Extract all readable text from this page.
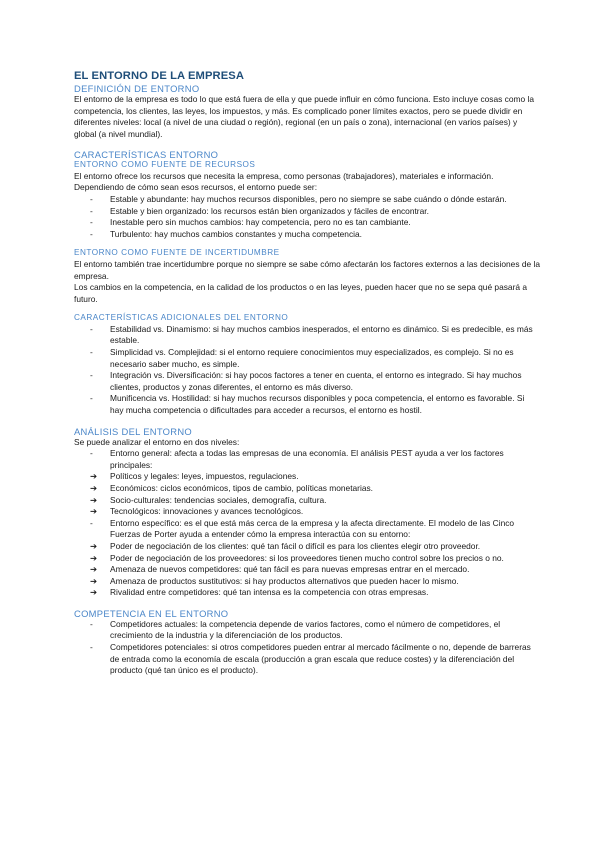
EL ENTORNO DE LA EMPRESA
DEFINICIÓN DE ENTORNO

El entorno de la empresa es todo lo que está fuera de ella y que puede influir en cómo funciona. Esto incluye cosas como la competencia, los clientes, las leyes, los impuestos, y más. Es complicado poner límites exactos, pero se puede dividir en diferentes niveles: local (a nivel de una ciudad o región), regional (en un país o zona), internacional (en varios países) y global (a nivel mundial).

CARACTERÍSTICAS ENTORNO
ENTORNO COMO FUENTE DE RECURSOS

El entorno ofrece los recursos que necesita la empresa, como personas (trabajadores), materiales e información. Dependiendo de cómo sean esos recursos, el entorno puede ser:

-	Estable y abundante: hay muchos recursos disponibles, pero no siempre se sabe cuándo o dónde estarán.
-	Estable y bien organizado: los recursos están bien organizados y fáciles de encontrar.
-	Inestable pero sin muchos cambios: hay competencia, pero no es tan cambiante.
-	Turbulento: hay muchos cambios constantes y mucha competencia.
ENTORNO COMO FUENTE DE INCERTIDUMBRE

El entorno también trae incertidumbre porque no siempre se sabe cómo afectarán los factores externos a las decisiones de la empresa.

Los cambios en la competencia, en la calidad de los productos o en las leyes, pueden hacer que no se sepa qué pasará a futuro.

CARACTERÍSTICAS ADICIONALES DEL ENTORNO
-	Estabilidad vs. Dinamismo: si hay muchos cambios inesperados, el entorno es dinámico. Si es predecible, es más estable.
-	Simplicidad vs. Complejidad: si el entorno requiere conocimientos muy especializados, es complejo. Si no es necesario saber mucho, es simple.
-	Integración vs. Diversificación: si hay pocos factores a tener en cuenta, el entorno es integrado. Si hay muchos clientes, productos y zonas diferentes, el entorno es más diverso.
-	Munificencia vs. Hostilidad: si hay muchos recursos disponibles y poca competencia, el entorno es favorable. Si hay mucha competencia o dificultades para acceder a recursos, el entorno es hostil.
ANÁLISIS DEL ENTORNO

Se puede analizar el entorno en dos niveles:

-	Entorno general: afecta a todas las empresas de una economía. El análisis PEST ayuda a ver los factores principales:
➔	Políticos y legales: leyes, impuestos, regulaciones.
➔	Económicos: ciclos económicos, tipos de cambio, políticas monetarias.
➔	Socio-culturales: tendencias sociales, demografía, cultura.
➔	Tecnológicos: innovaciones y avances tecnológicos.
-	Entorno específico: es el que está más cerca de la empresa y la afecta directamente. El modelo de las Cinco Fuerzas de Porter ayuda a entender cómo la empresa interactúa con su entorno:
➔	Poder de negociación de los clientes: qué tan fácil o difícil es para los clientes elegir otro proveedor.
➔	Poder de negociación de los proveedores: si los proveedores tienen mucho control sobre los precios o no.
➔	Amenaza de nuevos competidores: qué tan fácil es para nuevas empresas entrar en el mercado.
➔	Amenaza de productos sustitutivos: si hay productos alternativos que pueden hacer lo mismo.
➔	Rivalidad entre competidores: qué tan intensa es la competencia con otras empresas.
COMPETENCIA EN EL ENTORNO
-	Competidores actuales: la competencia depende de varios factores, como el número de competidores, el crecimiento de la industria y la diferenciación de los productos.
-	Competidores potenciales: si otros competidores pueden entrar al mercado fácilmente o no, depende de barreras de entrada como la economía de escala (producción a gran escala que reduce costes) y la diferenciación del producto (qué tan único es el producto).
